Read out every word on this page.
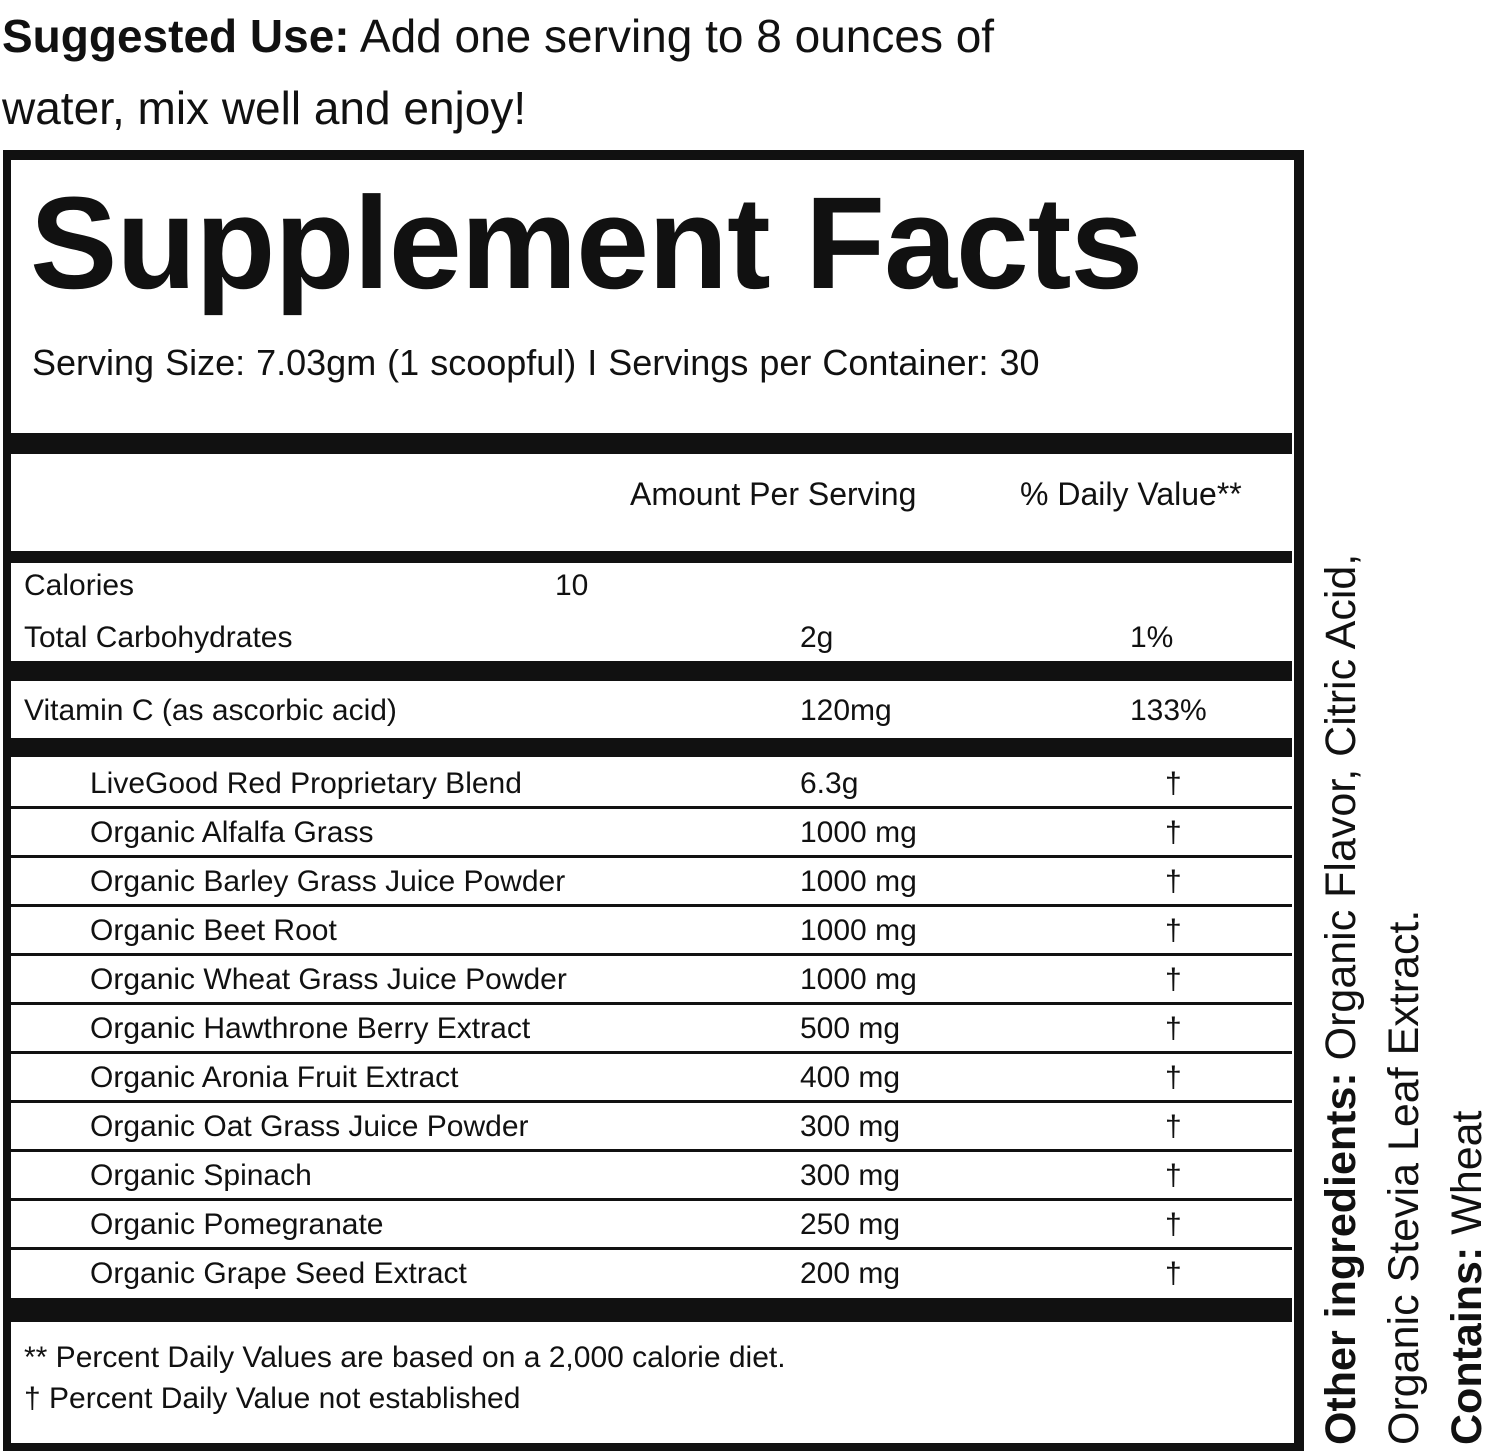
Suggested Use: Add one serving to 8 ounces of
water, mix well and enjoy!
Supplement Facts
Serving Size: 7.03gm (1 scoopful) I Servings per Container: 30
Amount Per Serving	% Daily Value**
Calories	10
Total Carbohydrates	2g	1%
Vitamin C (as ascorbic acid)	120mg	133%
LiveGood Red Proprietary Blend	6.3g	†
Organic Alfalfa Grass	1000 mg	†
Organic Barley Grass Juice Powder	1000 mg	†
Organic Beet Root	1000 mg	†
Organic Wheat Grass Juice Powder	1000 mg	†
Organic Hawthrone Berry Extract	500 mg	†
Organic Aronia Fruit Extract	400 mg	†
Organic Oat Grass Juice Powder	300 mg	†
Organic Spinach	300 mg	†
Organic Pomegranate	250 mg	†
Organic Grape Seed Extract	200 mg	†
** Percent Daily Values are based on a 2,000 calorie diet.
† Percent Daily Value not established	Other ingredients: Organic Flavor, Citric Acid,
Organic Stevia Leaf Extract. Contains: Wheat
